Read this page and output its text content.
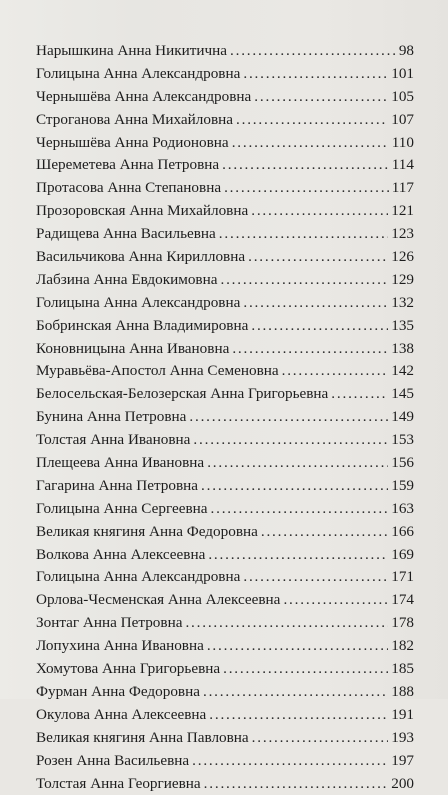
Нарышкина Анна Никитична . . .	98
Голицына Анна Александровна . . .	101
Чернышёва Анна Александровна . . .	105
Строганова Анна Михайловна . . .	107
Чернышёва Анна Родионовна . . .	110
Шереметева Анна Петровна . . .	114
Протасова Анна Степановна . . .	117
Прозоровская Анна Михайловна . . .	121
Радищева Анна Васильевна . . .	123
Васильчикова Анна Кирилловна . . .	126
Лабзина Анна Евдокимовна . . .	129
Голицына Анна Александровна . . .	132
Бобринская Анна Владимировна . . .	135
Коновницына Анна Ивановна . . .	138
Муравьёва-Апостол Анна Семеновна . . .	142
Белосельская-Белозерская Анна Григорьевна . . .	145
Бунина Анна Петровна . . .	149
Толстая Анна Ивановна . . .	153
Плещеева Анна Ивановна . . .	156
Гагарина Анна Петровна . . .	159
Голицына Анна Сергеевна . . .	163
Великая княгиня Анна Федоровна . . .	166
Волкова Анна Алексеевна . . .	169
Голицына Анна Александровна . . .	171
Орлова-Чесменская Анна Алексеевна . . .	174
Зонтаг Анна Петровна . . .	178
Лопухина Анна Ивановна . . .	182
Хомутова Анна Григорьевна . . .	185
Фурман Анна Федоровна . . .	188
Окулова Анна Алексеевна . . .	191
Великая княгиня Анна Павловна . . .	193
Розен Анна Васильевна . . .	197
Толстая Анна Георгиевна . . .	200
